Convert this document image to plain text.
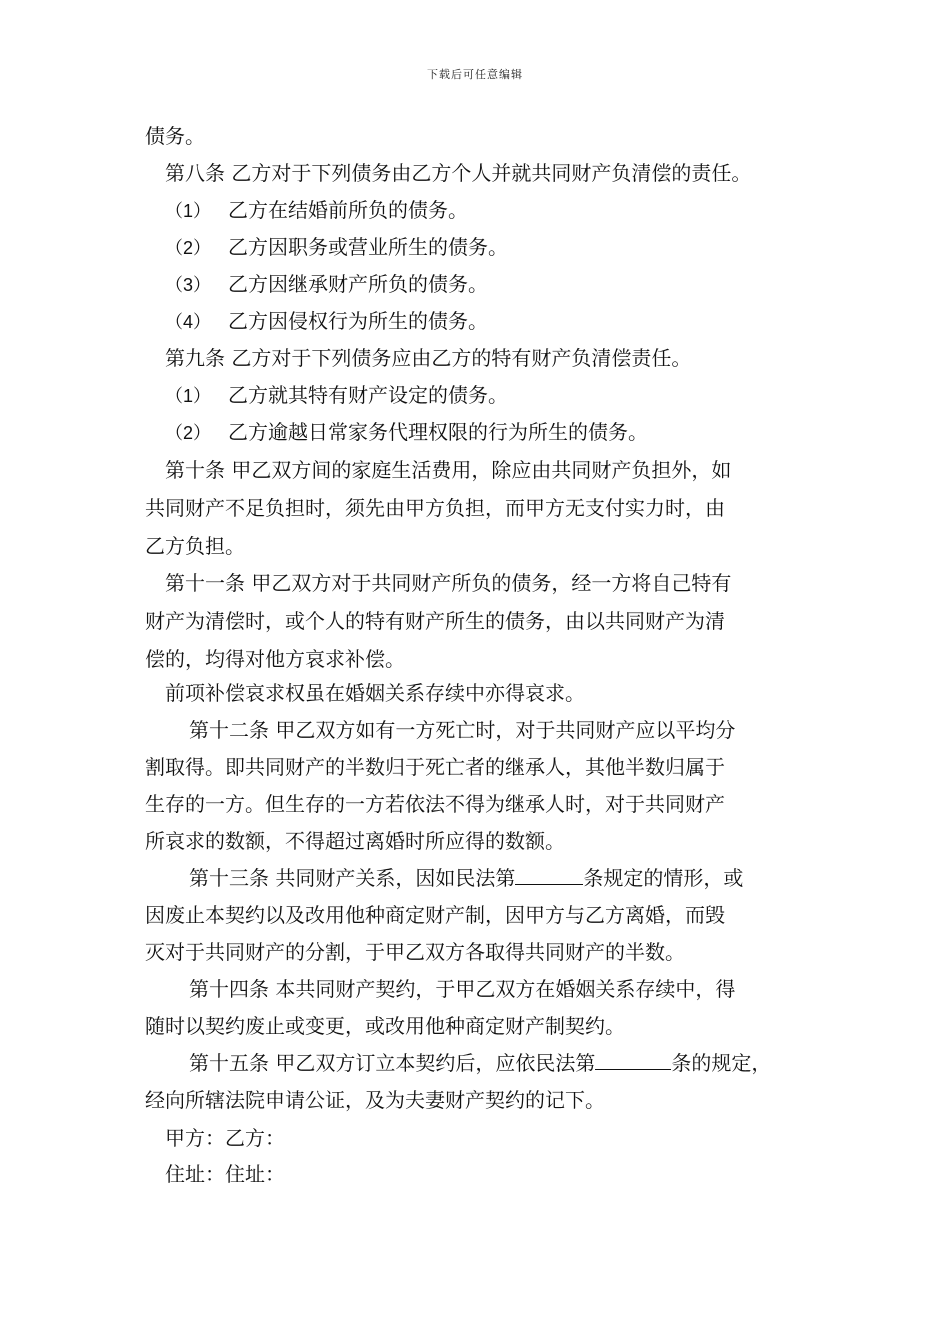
下载后可任意编辑
债务。
第八条 乙方对于下列债务由乙方个人并就共同财产负清偿的责任。
（1） 乙方在结婚前所负的债务。
（2） 乙方因职务或营业所生的债务。
（3） 乙方因继承财产所负的债务。
（4） 乙方因侵权行为所生的债务。
第九条 乙方对于下列债务应由乙方的特有财产负清偿责任。
（1） 乙方就其特有财产设定的债务。
（2） 乙方逾越日常家务代理权限的行为所生的债务。
第十条 甲乙双方间的家庭生活费用，除应由共同财产负担外，如
共同财产不足负担时，须先由甲方负担，而甲方无支付实力时，由
乙方负担。
第十一条 甲乙双方对于共同财产所负的债务，经一方将自己特有
财产为清偿时，或个人的特有财产所生的债务，由以共同财产为清
偿的，均得对他方哀求补偿。
前项补偿哀求权虽在婚姻关系存续中亦得哀求。
第十二条 甲乙双方如有一方死亡时，对于共同财产应以平均分
割取得。即共同财产的半数归于死亡者的继承人，其他半数归属于
生存的一方。但生存的一方若依法不得为继承人时，对于共同财产
所哀求的数额，不得超过离婚时所应得的数额。
第十三条 共同财产关系，因如民法第	条规定的情形，或
因废止本契约以及改用他种商定财产制，因甲方与乙方离婚，而毁
灭对于共同财产的分割，于甲乙双方各取得共同财产的半数。
第十四条 本共同财产契约，于甲乙双方在婚姻关系存续中，得
随时以契约废止或变更，或改用他种商定财产制契约。
第十五条 甲乙双方订立本契约后，应依民法第	条的规定，
经向所辖法院申请公证，及为夫妻财产契约的记下。
甲方：乙方：
住址：住址：
